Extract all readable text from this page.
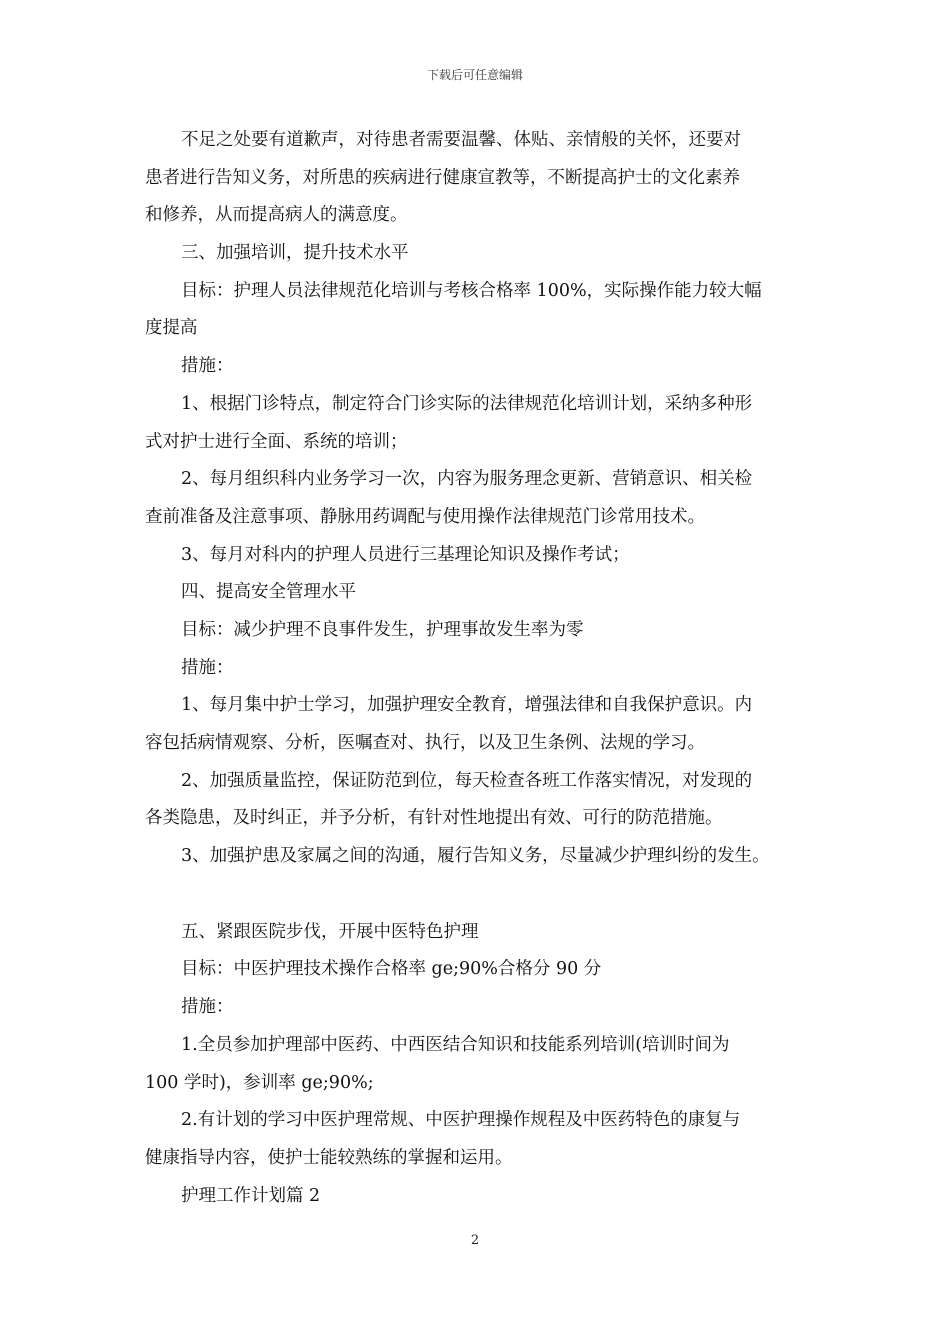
下载后可任意编辑
不足之处要有道歉声，对待患者需要温馨、体贴、亲情般的关怀，还要对
患者进行告知义务，对所患的疾病进行健康宣教等，不断提高护士的文化素养
和修养，从而提高病人的满意度。
三、加强培训，提升技术水平
目标：护理人员法律规范化培训与考核合格率 100%，实际操作能力较大幅
度提高
措施：
1、根据门诊特点，制定符合门诊实际的法律规范化培训计划，采纳多种形
式对护士进行全面、系统的培训；
2、每月组织科内业务学习一次，内容为服务理念更新、营销意识、相关检
查前准备及注意事项、静脉用药调配与使用操作法律规范门诊常用技术。
3、每月对科内的护理人员进行三基理论知识及操作考试；
四、提高安全管理水平
目标：减少护理不良事件发生，护理事故发生率为零
措施：
1、每月集中护士学习，加强护理安全教育，增强法律和自我保护意识。内
容包括病情观察、分析，医嘱查对、执行，以及卫生条例、法规的学习。
2、加强质量监控，保证防范到位，每天检查各班工作落实情况，对发现的
各类隐患，及时纠正，并予分析，有针对性地提出有效、可行的防范措施。
3、加强护患及家属之间的沟通，履行告知义务，尽量减少护理纠纷的发生。
五、紧跟医院步伐，开展中医特色护理
目标：中医护理技术操作合格率 ge;90%合格分 90 分
措施：
1.全员参加护理部中医药、中西医结合知识和技能系列培训(培训时间为
100 学时)，参训率 ge;90%;
2.有计划的学习中医护理常规、中医护理操作规程及中医药特色的康复与
健康指导内容，使护士能较熟练的掌握和运用。
护理工作计划篇 2
2
